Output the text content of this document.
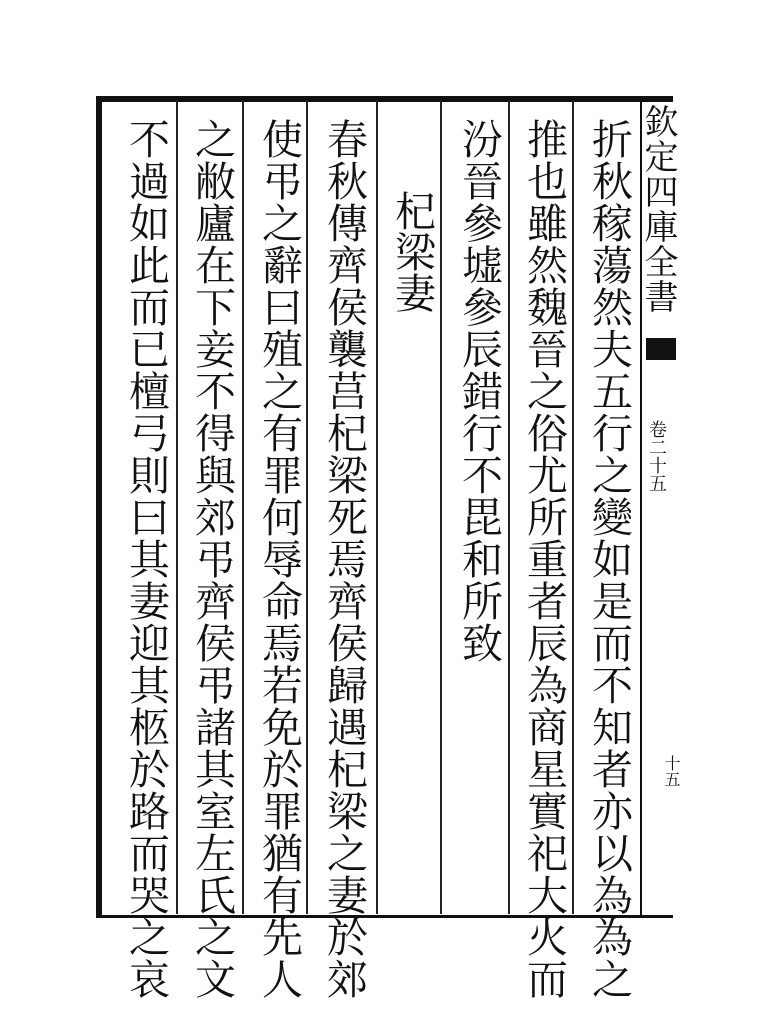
欽定四庫全書
卷二十五
十五
折秋稼蕩然夫五行之變如是而不知者亦以為為之
推也雖然魏晉之俗尤所重者辰為商星實祀大火而
汾晉參墟參辰錯行不毘和所致
杞梁妻
春秋傳齊侯襲莒杞梁死焉齊侯歸遇杞梁之妻於郊
使弔之辭曰殖之有罪何辱命焉若免於罪猶有先人
之敝廬在下妾不得與郊弔齊侯弔諸其室左氏之文
不過如此而已檀弓則曰其妻迎其柩於路而哭之哀
